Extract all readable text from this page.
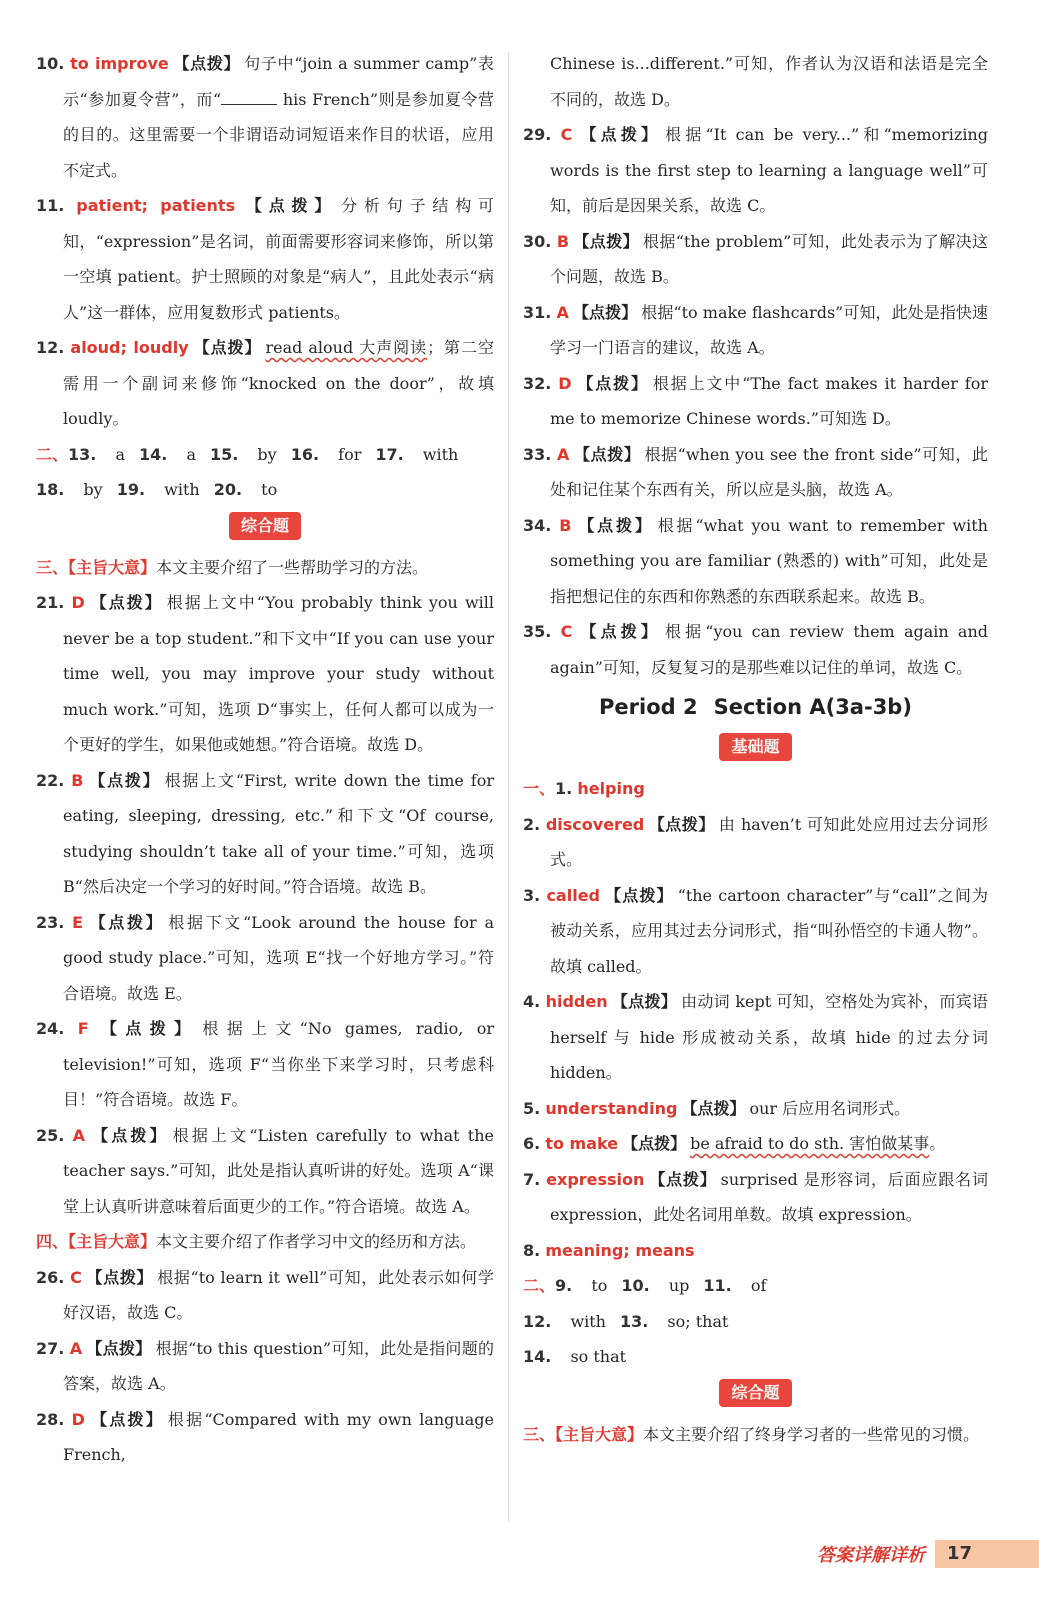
10. to improve 【点拨】 句子中“join a summer camp”表示“参加夏令营”，而“	his French”则是参加夏令营的目的。这里需要一个非谓语动词短语来作目的状语，应用不定式。

11. patient; patients 【点拨】 分析句子结构可知，“expression”是名词，前面需要形容词来修饰，所以第一空填 patient。护士照顾的对象是“病人”，且此处表示“病人”这一群体，应用复数形式 patients。

12. aloud; loudly 【点拨】 read aloud 大声阅读；第二空需用一个副词来修饰“knocked on the door”，故填 loudly。

二、13. a 14. a 15. by 16. for 17. with

18. by 19. with 20. to

综合题

三、【主旨大意】本文主要介绍了一些帮助学习的方法。

21. D 【点拨】 根据上文中“You probably think you will never be a top student.”和下文中“If you can use your time well, you may improve your study without much work.”可知，选项 D“事实上，任何人都可以成为一个更好的学生，如果他或她想。”符合语境。故选 D。

22. B 【点拨】 根据上文“First, write down the time for eating, sleeping, dressing, etc.”和下文“Of course, studying shouldn’t take all of your time.”可知，选项 B“然后决定一个学习的好时间。”符合语境。故选 B。

23. E 【点拨】 根据下文“Look around the house for a good study place.”可知，选项 E“找一个好地方学习。”符合语境。故选 E。

24. F 【点拨】 根据上文“No games, radio, or television!”可知，选项 F“当你坐下来学习时，只考虑科目！”符合语境。故选 F。

25. A 【点拨】 根据上文“Listen carefully to what the teacher says.”可知，此处是指认真听讲的好处。选项 A“课堂上认真听讲意味着后面更少的工作。”符合语境。故选 A。

四、【主旨大意】本文主要介绍了作者学习中文的经历和方法。

26. C 【点拨】 根据“to learn it well”可知，此处表示如何学好汉语，故选 C。

27. A 【点拨】 根据“to this question”可知，此处是指问题的答案，故选 A。

28. D 【点拨】 根据“Compared with my own language French,

Chinese is...different.”可知，作者认为汉语和法语是完全不同的，故选 D。

29. C 【点拨】 根据“It can be very...”和“memorizing words is the first step to learning a language well”可知，前后是因果关系，故选 C。

30. B 【点拨】 根据“the problem”可知，此处表示为了解决这个问题，故选 B。

31. A 【点拨】 根据“to make flashcards”可知，此处是指快速学习一门语言的建议，故选 A。

32. D 【点拨】 根据上文中“The fact makes it harder for me to memorize Chinese words.”可知选 D。

33. A 【点拨】 根据“when you see the front side”可知，此处和记住某个东西有关，所以应是头脑，故选 A。

34. B 【点拨】 根据“what you want to remember with something you are familiar (熟悉的) with”可知，此处是指把想记住的东西和你熟悉的东西联系起来。故选 B。

35. C 【点拨】 根据“you can review them again and again”可知，反复复习的是那些难以记住的单词，故选 C。

Period 2 Section A(3a-3b)
基础题

一、1. helping

2. discovered 【点拨】 由 haven’t 可知此处应用过去分词形式。

3. called 【点拨】 “the cartoon character”与“call”之间为被动关系，应用其过去分词形式，指“叫孙悟空的卡通人物”。故填 called。

4. hidden 【点拨】 由动词 kept 可知，空格处为宾补，而宾语 herself 与 hide 形成被动关系，故填 hide 的过去分词 hidden。

5. understanding 【点拨】 our 后应用名词形式。

6. to make 【点拨】 be afraid to do sth. 害怕做某事。

7. expression 【点拨】 surprised 是形容词，后面应跟名词 expression，此处名词用单数。故填 expression。

8. meaning; means

二、9. to 10. up 11. of

12. with 13. so; that

14. so that

综合题

三、【主旨大意】本文主要介绍了终身学习者的一些常见的习惯。

答案详解详析	17
